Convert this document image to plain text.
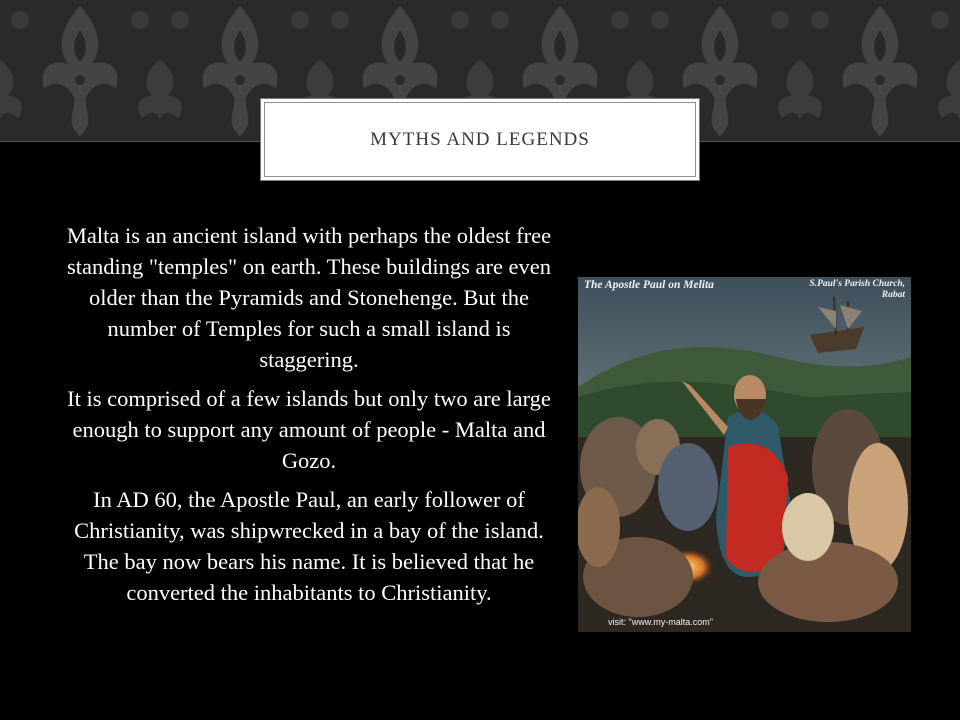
MYTHS AND LEGENDS

Malta is an ancient island with perhaps the oldest free standing "temples" on earth. These buildings are even older than the Pyramids and Stonehenge. But the number of Temples for such a small island is staggering.

It is comprised of a few islands but only two are large enough to support any amount of people - Malta and Gozo.

In AD 60, the Apostle Paul, an early follower of Christianity, was shipwrecked in a bay of the island. The bay now bears his name. It is believed that he converted the inhabitants to Christianity.

The Apostle Paul on Melita	S.Paul's Parish Church,
Rabat
visit: "www.my-malta.com"
